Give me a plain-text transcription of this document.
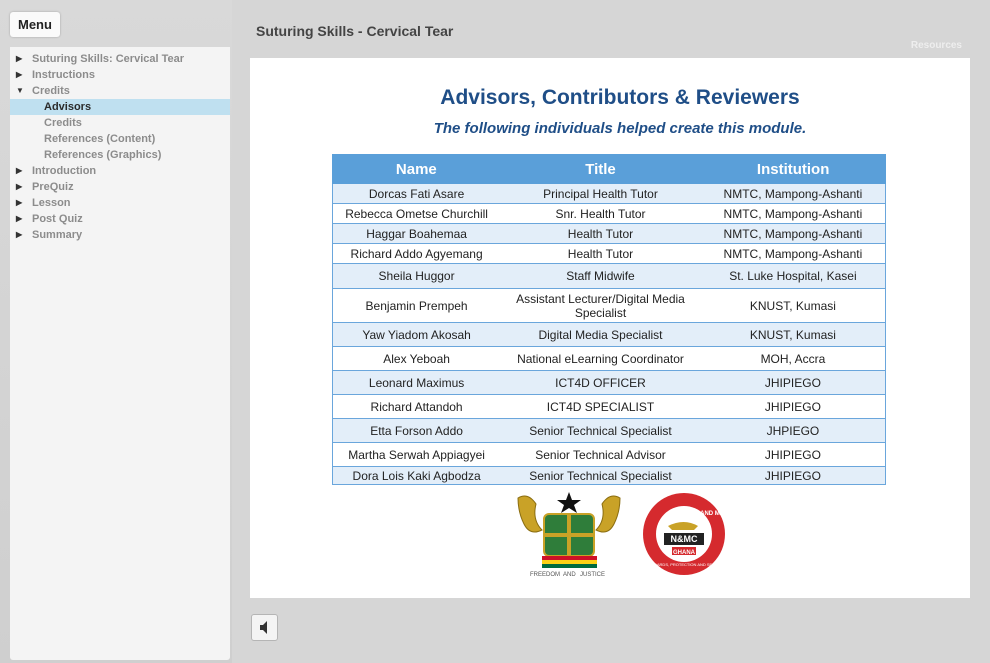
Menu
▶ Suturing Skills: Cervical Tear
▶ Instructions
▼ Credits
Advisors
Credits
References (Content)
References (Graphics)
▶ Introduction
▶ PreQuiz
▶ Lesson
▶ Post Quiz
▶ Summary
Suturing Skills - Cervical Tear
Resources
Advisors, Contributors & Reviewers
The following individuals helped create this module.
Name	Title	Institution
Dorcas Fati Asare	Principal Health Tutor	NMTC, Mampong-Ashanti
Rebecca Ometse Churchill	Snr. Health Tutor	NMTC, Mampong-Ashanti
Haggar Boahemaa	Health Tutor	NMTC, Mampong-Ashanti
Richard Addo Agyemang	Health Tutor	NMTC, Mampong-Ashanti
Sheila Huggor	Staff Midwife	St. Luke Hospital, Kasei
Benjamin Prempeh	Assistant Lecturer/Digital Media Specialist	KNUST, Kumasi
Yaw Yiadom Akosah	Digital Media Specialist	KNUST, Kumasi
Alex Yeboah	National eLearning Coordinator	MOH, Accra
Leonard Maximus	ICT4D OFFICER	JHIPIEGO
Richard Attandoh	ICT4D SPECIALIST	JHIPIEGO
Etta Forson Addo	Senior Technical Specialist	JHPIEGO
Martha Serwah Appiagyei	Senior Technical Advisor	JHIPIEGO
Dora Lois Kaki Agbodza	Senior Technical Specialist	JHIPIEGO
FREEDOM AND JUSTICE
NURSING AND MIDWIFERY COUNCIL
N&MC
GHANA
STANDARDS, PROTECTION AND SERVICE
